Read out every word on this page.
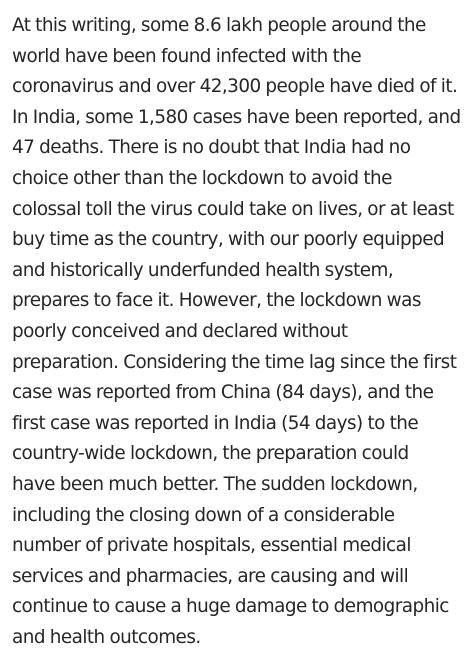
At this writing, some 8.6 lakh people around the
world have been found infected with the
coronavirus and over 42,300 people have died of it.
In India, some 1,580 cases have been reported, and
47 deaths. There is no doubt that India had no
choice other than the lockdown to avoid the
colossal toll the virus could take on lives, or at least
buy time as the country, with our poorly equipped
and historically underfunded health system,
prepares to face it. However, the lockdown was
poorly conceived and declared without
preparation. Considering the time lag since the first
case was reported from China (84 days), and the
first case was reported in India (54 days) to the
country-wide lockdown, the preparation could
have been much better. The sudden lockdown,
including the closing down of a considerable
number of private hospitals, essential medical
services and pharmacies, are causing and will
continue to cause a huge damage to demographic
and health outcomes.
